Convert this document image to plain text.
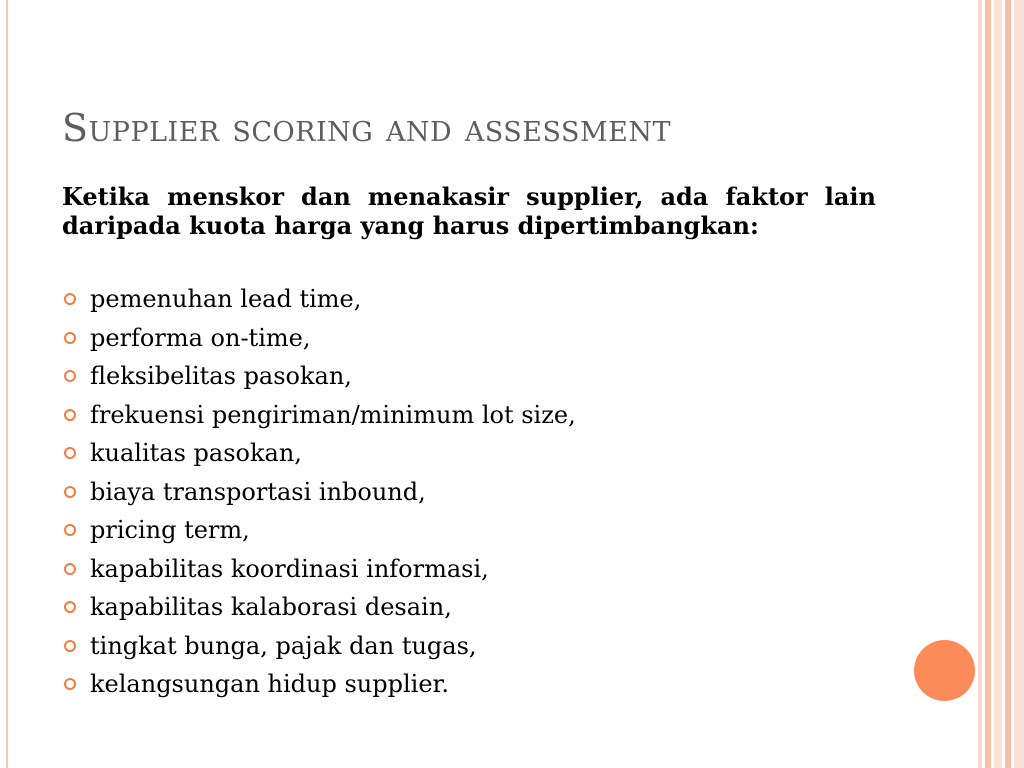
Supplier scoring and assessment
Ketika menskor dan menakasir supplier, ada faktor lain daripada kuota harga yang harus dipertimbangkan:
pemenuhan lead time,
performa on-time,
fleksibelitas pasokan,
frekuensi pengiriman/minimum lot size,
kualitas pasokan,
biaya transportasi inbound,
pricing term,
kapabilitas koordinasi informasi,
kapabilitas kalaborasi desain,
tingkat bunga, pajak dan tugas,
kelangsungan hidup supplier.
